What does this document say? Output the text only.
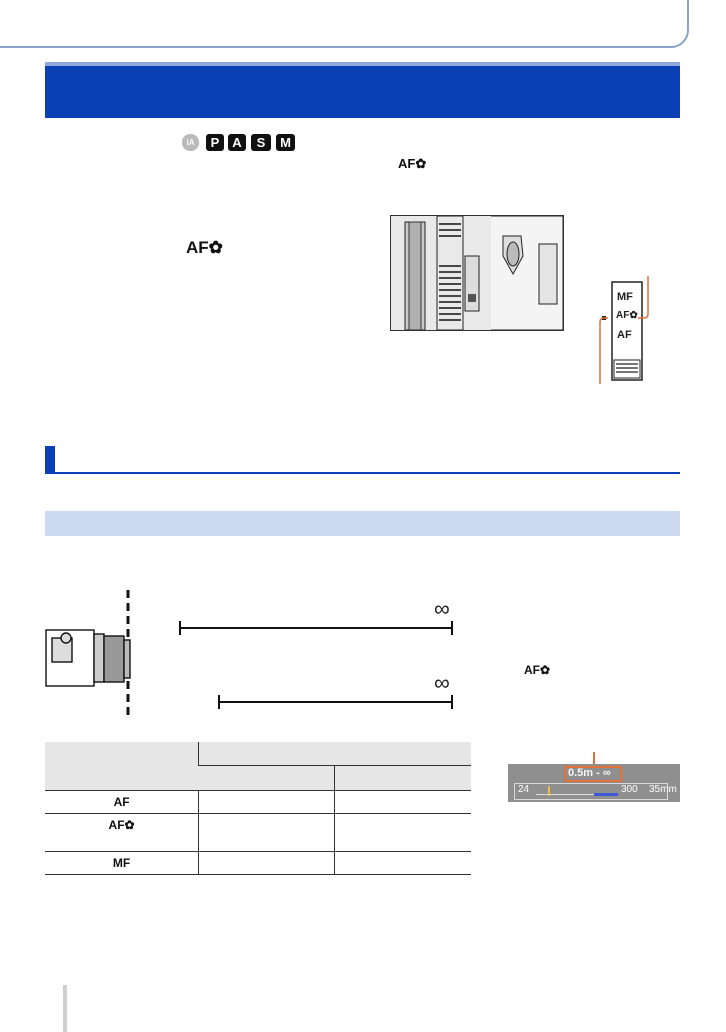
iA	P A	S	M
AF✿
AF✿
MF
AF✿
AF
∞
∞	AF✿

AF		
AF✿		
MF		
0.5m - ∞
24	300 35mm
